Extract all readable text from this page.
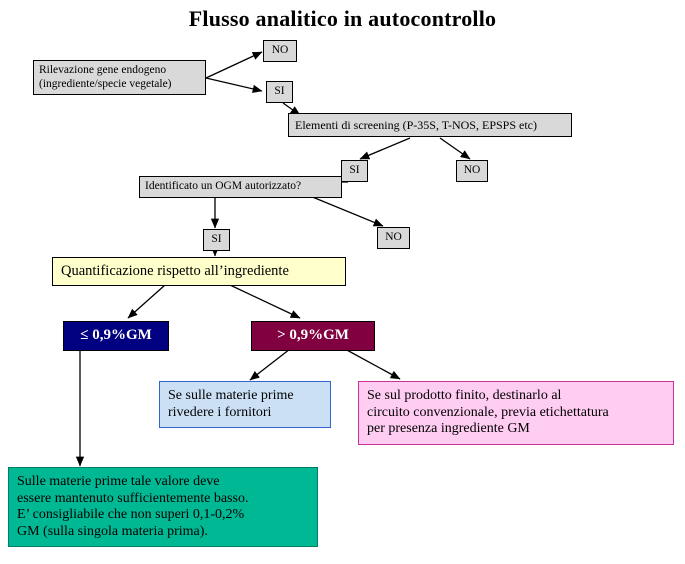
Flusso analitico in autocontrollo
Rilevazione gene endogeno
(ingrediente/specie vegetale)
NO
SI
Elementi di screening (P-35S, T-NOS, EPSPS etc)
SI	NO
Identificato un OGM autorizzato?
SI	NO
Quantificazione rispetto all’ingrediente
≤ 0,9%GM	> 0,9%GM
Se sulle materie prime
rivedere i fornitori
Se sul prodotto finito, destinarlo al
circuito convenzionale, previa etichettatura
per presenza ingrediente GM
Sulle materie prime tale valore deve
essere mantenuto sufficientemente basso.
E’ consigliabile che non superi 0,1-0,2%
GM (sulla singola materia prima).
